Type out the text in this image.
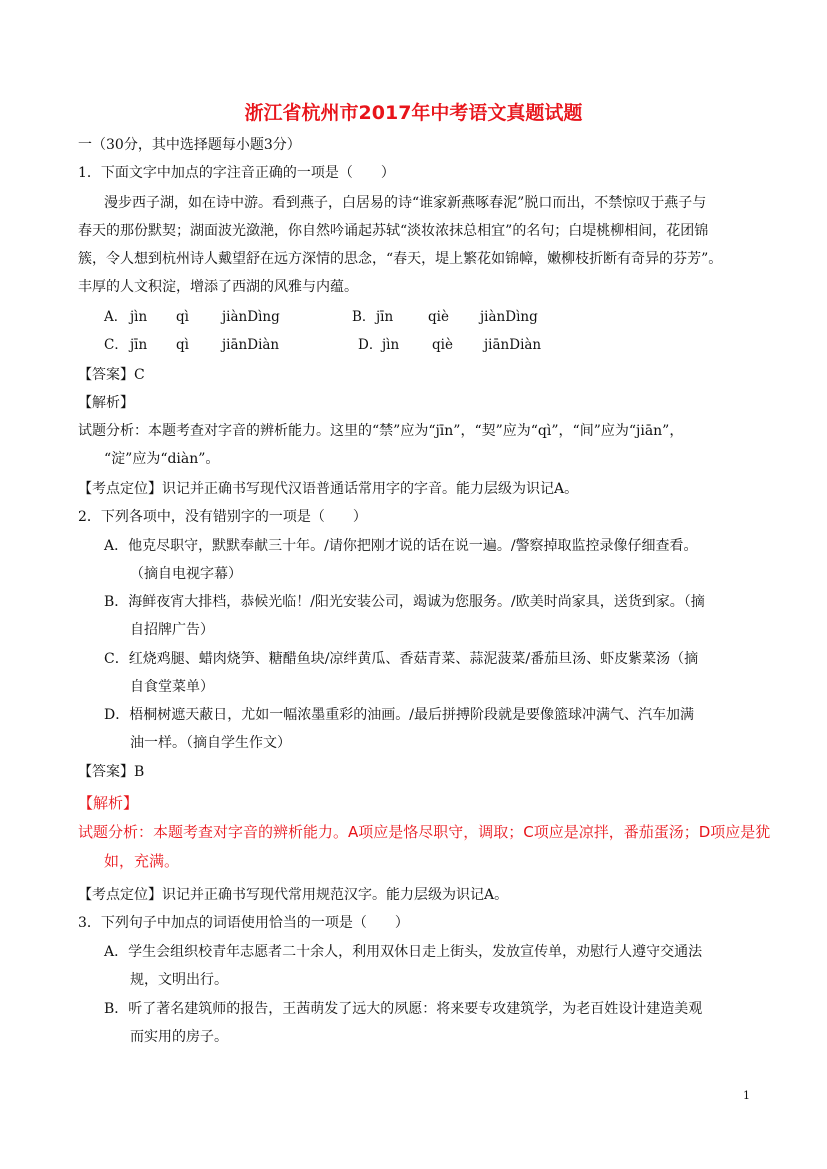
浙江省杭州市2017年中考语文真题试题
一（30分，其中选择题每小题3分）
1．下面文字中加点的字注音正确的一项是（　　）
漫步西子湖，如在诗中游。看到燕子，白居易的诗“谁家新燕啄春泥”脱口而出，不禁惊叹于燕子与
春天的那份默契；湖面波光潋滟，你自然吟诵起苏轼“淡妆浓抹总相宜”的名句；白堤桃柳相间，花团锦
簇，令人想到杭州诗人戴望舒在远方深情的思念，“春天，堤上繁花如锦幛，嫩柳枝折断有奇异的芬芳”。
丰厚的人文积淀，增添了西湖的风雅与内蕴。
A． jìn qì jiànDìng	B． jīn	qiè jiànDìng
C． jīn qì jiānDiàn	D． jìn qiè jiānDiàn
【答案】C
【解析】
试题分析：本题考查对字音的辨析能力。这里的“禁”应为“jīn”，“契”应为“qì”，“间”应为“jiān”，
“淀”应为“diàn”。
【考点定位】识记并正确书写现代汉语普通话常用字的字音。能力层级为识记A。
2．下列各项中，没有错别字的一项是（　　）
A．他克尽职守，默默奉献三十年。/请你把刚才说的话在说一遍。/警察掉取监控录像仔细查看。
（摘自电视字幕）
B．海鲜夜宵大排档，恭候光临！/阳光安装公司，竭诚为您服务。/欧美时尚家具，送货到家。（摘
自招牌广告）
C．红烧鸡腿、蜡肉烧笋、糖醋鱼块/凉绊黄瓜、香菇青菜、蒜泥菠菜/番茄旦汤、虾皮紫菜汤（摘
自食堂菜单）
D．梧桐树遮天蔽日，尤如一幅浓墨重彩的油画。/最后拼搏阶段就是要像篮球冲满气、汽车加满
油一样。（摘自学生作文）
【答案】B
【解析】
试题分析：本题考查对字音的辨析能力。A项应是恪尽职守，调取；C项应是凉拌，番茄蛋汤；D项应是犹
如，充满。
【考点定位】识记并正确书写现代常用规范汉字。能力层级为识记A。
3．下列句子中加点的词语使用恰当的一项是（　　）
A．学生会组织校青年志愿者二十余人，利用双休日走上街头，发放宣传单，劝慰行人遵守交通法
规，文明出行。
B．听了著名建筑师的报告，王茜萌发了远大的夙愿：将来要专攻建筑学，为老百姓设计建造美观
而实用的房子。
1
